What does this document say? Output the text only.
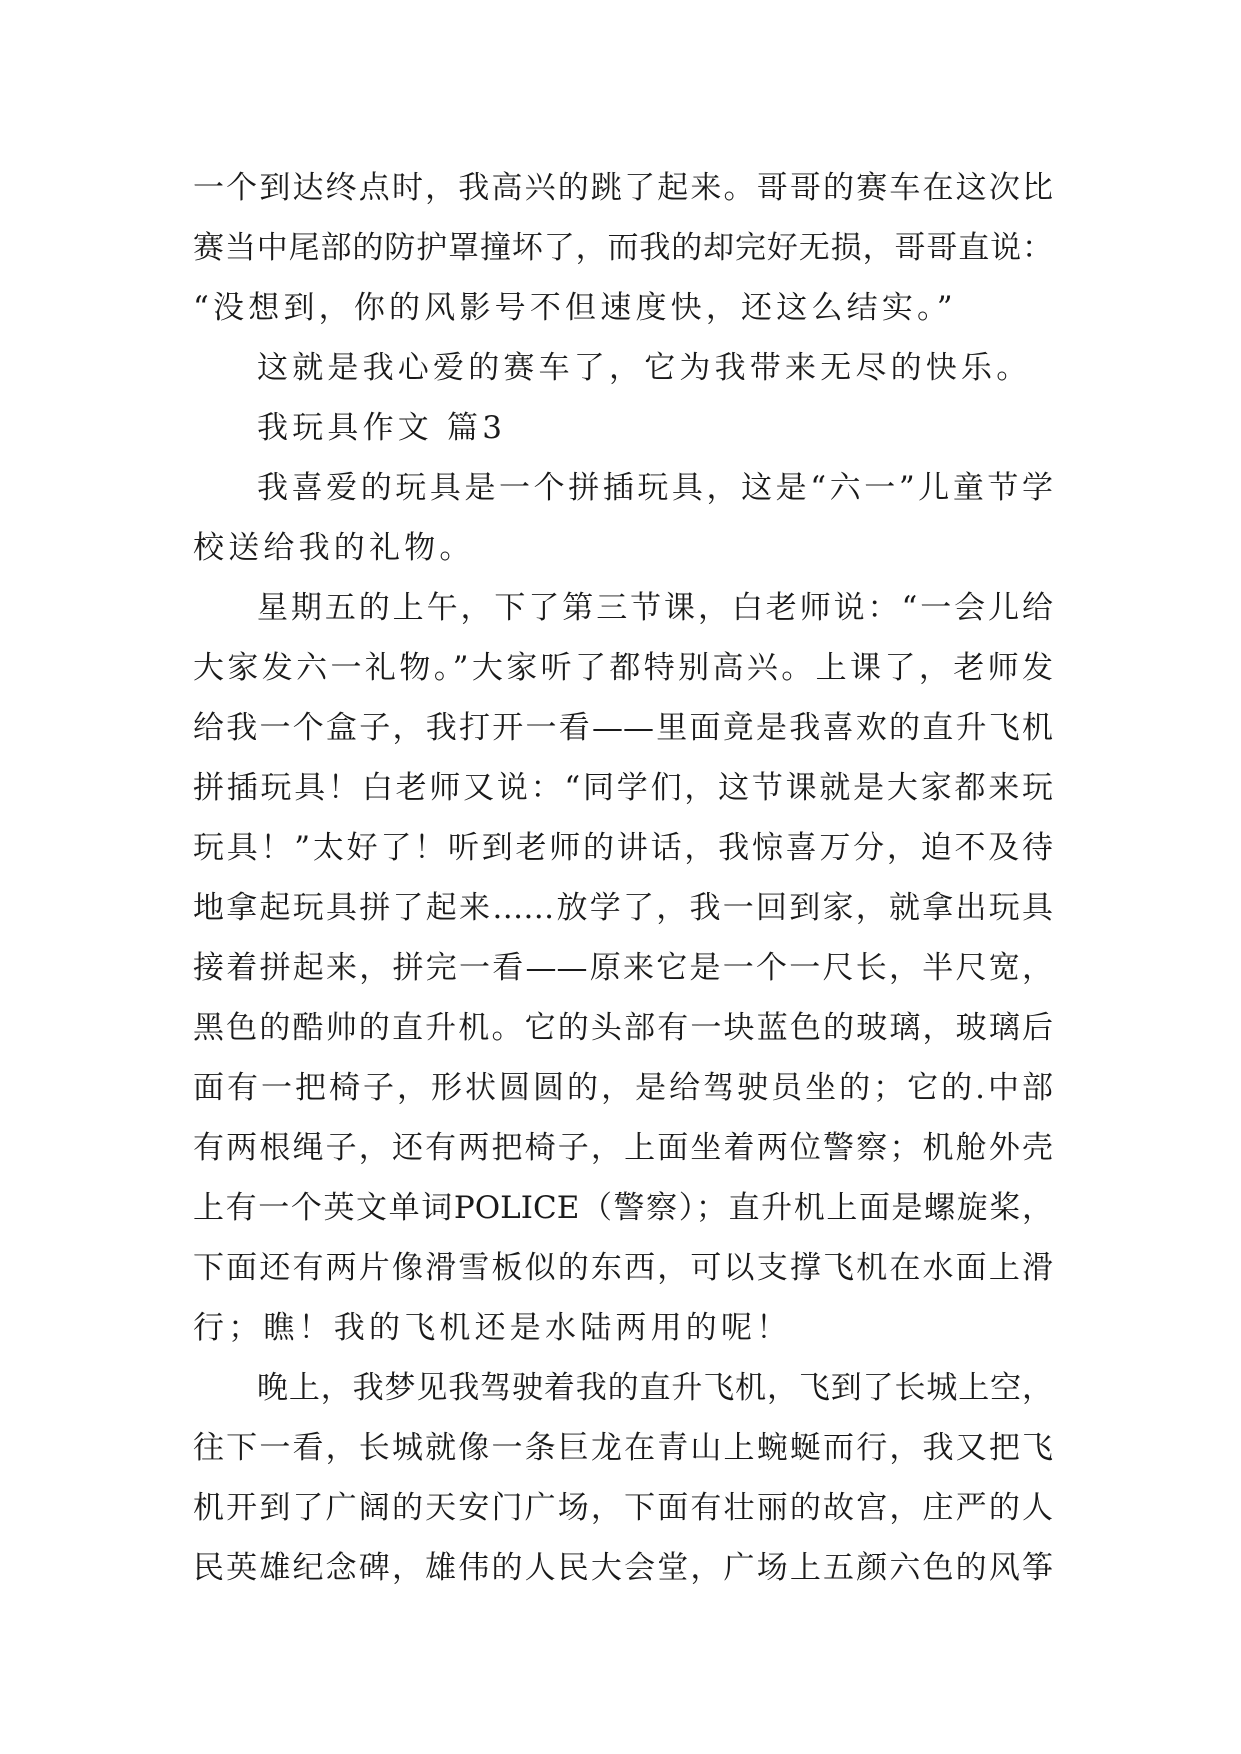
一个到达终点时，我高兴的跳了起来。哥哥的赛车在这次比
赛当中尾部的防护罩撞坏了，而我的却完好无损，哥哥直说：
“没想到，你的风影号不但速度快，还这么结实。”
这就是我心爱的赛车了，它为我带来无尽的快乐。
我玩具作文 篇3
我喜爱的玩具是一个拼插玩具，这是“六一”儿童节学
校送给我的礼物。
星期五的上午，下了第三节课，白老师说：“一会儿给
大家发六一礼物。”大家听了都特别高兴。上课了，老师发
给我一个盒子，我打开一看——里面竟是我喜欢的直升飞机
拼插玩具！白老师又说：“同学们，这节课就是大家都来玩
玩具！”太好了！听到老师的讲话，我惊喜万分，迫不及待
地拿起玩具拼了起来……放学了，我一回到家，就拿出玩具
接着拼起来，拼完一看——原来它是一个一尺长，半尺宽，
黑色的酷帅的直升机。它的头部有一块蓝色的玻璃，玻璃后
面有一把椅子，形状圆圆的，是给驾驶员坐的；它的.中部
有两根绳子，还有两把椅子，上面坐着两位警察；机舱外壳
上有一个英文单词POLICE（警察）；直升机上面是螺旋桨，
下面还有两片像滑雪板似的东西，可以支撑飞机在水面上滑
行；瞧！我的飞机还是水陆两用的呢！
晚上，我梦见我驾驶着我的直升飞机，飞到了长城上空，
往下一看，长城就像一条巨龙在青山上蜿蜒而行，我又把飞
机开到了广阔的天安门广场，下面有壮丽的故宫，庄严的人
民英雄纪念碑，雄伟的人民大会堂，广场上五颜六色的风筝
